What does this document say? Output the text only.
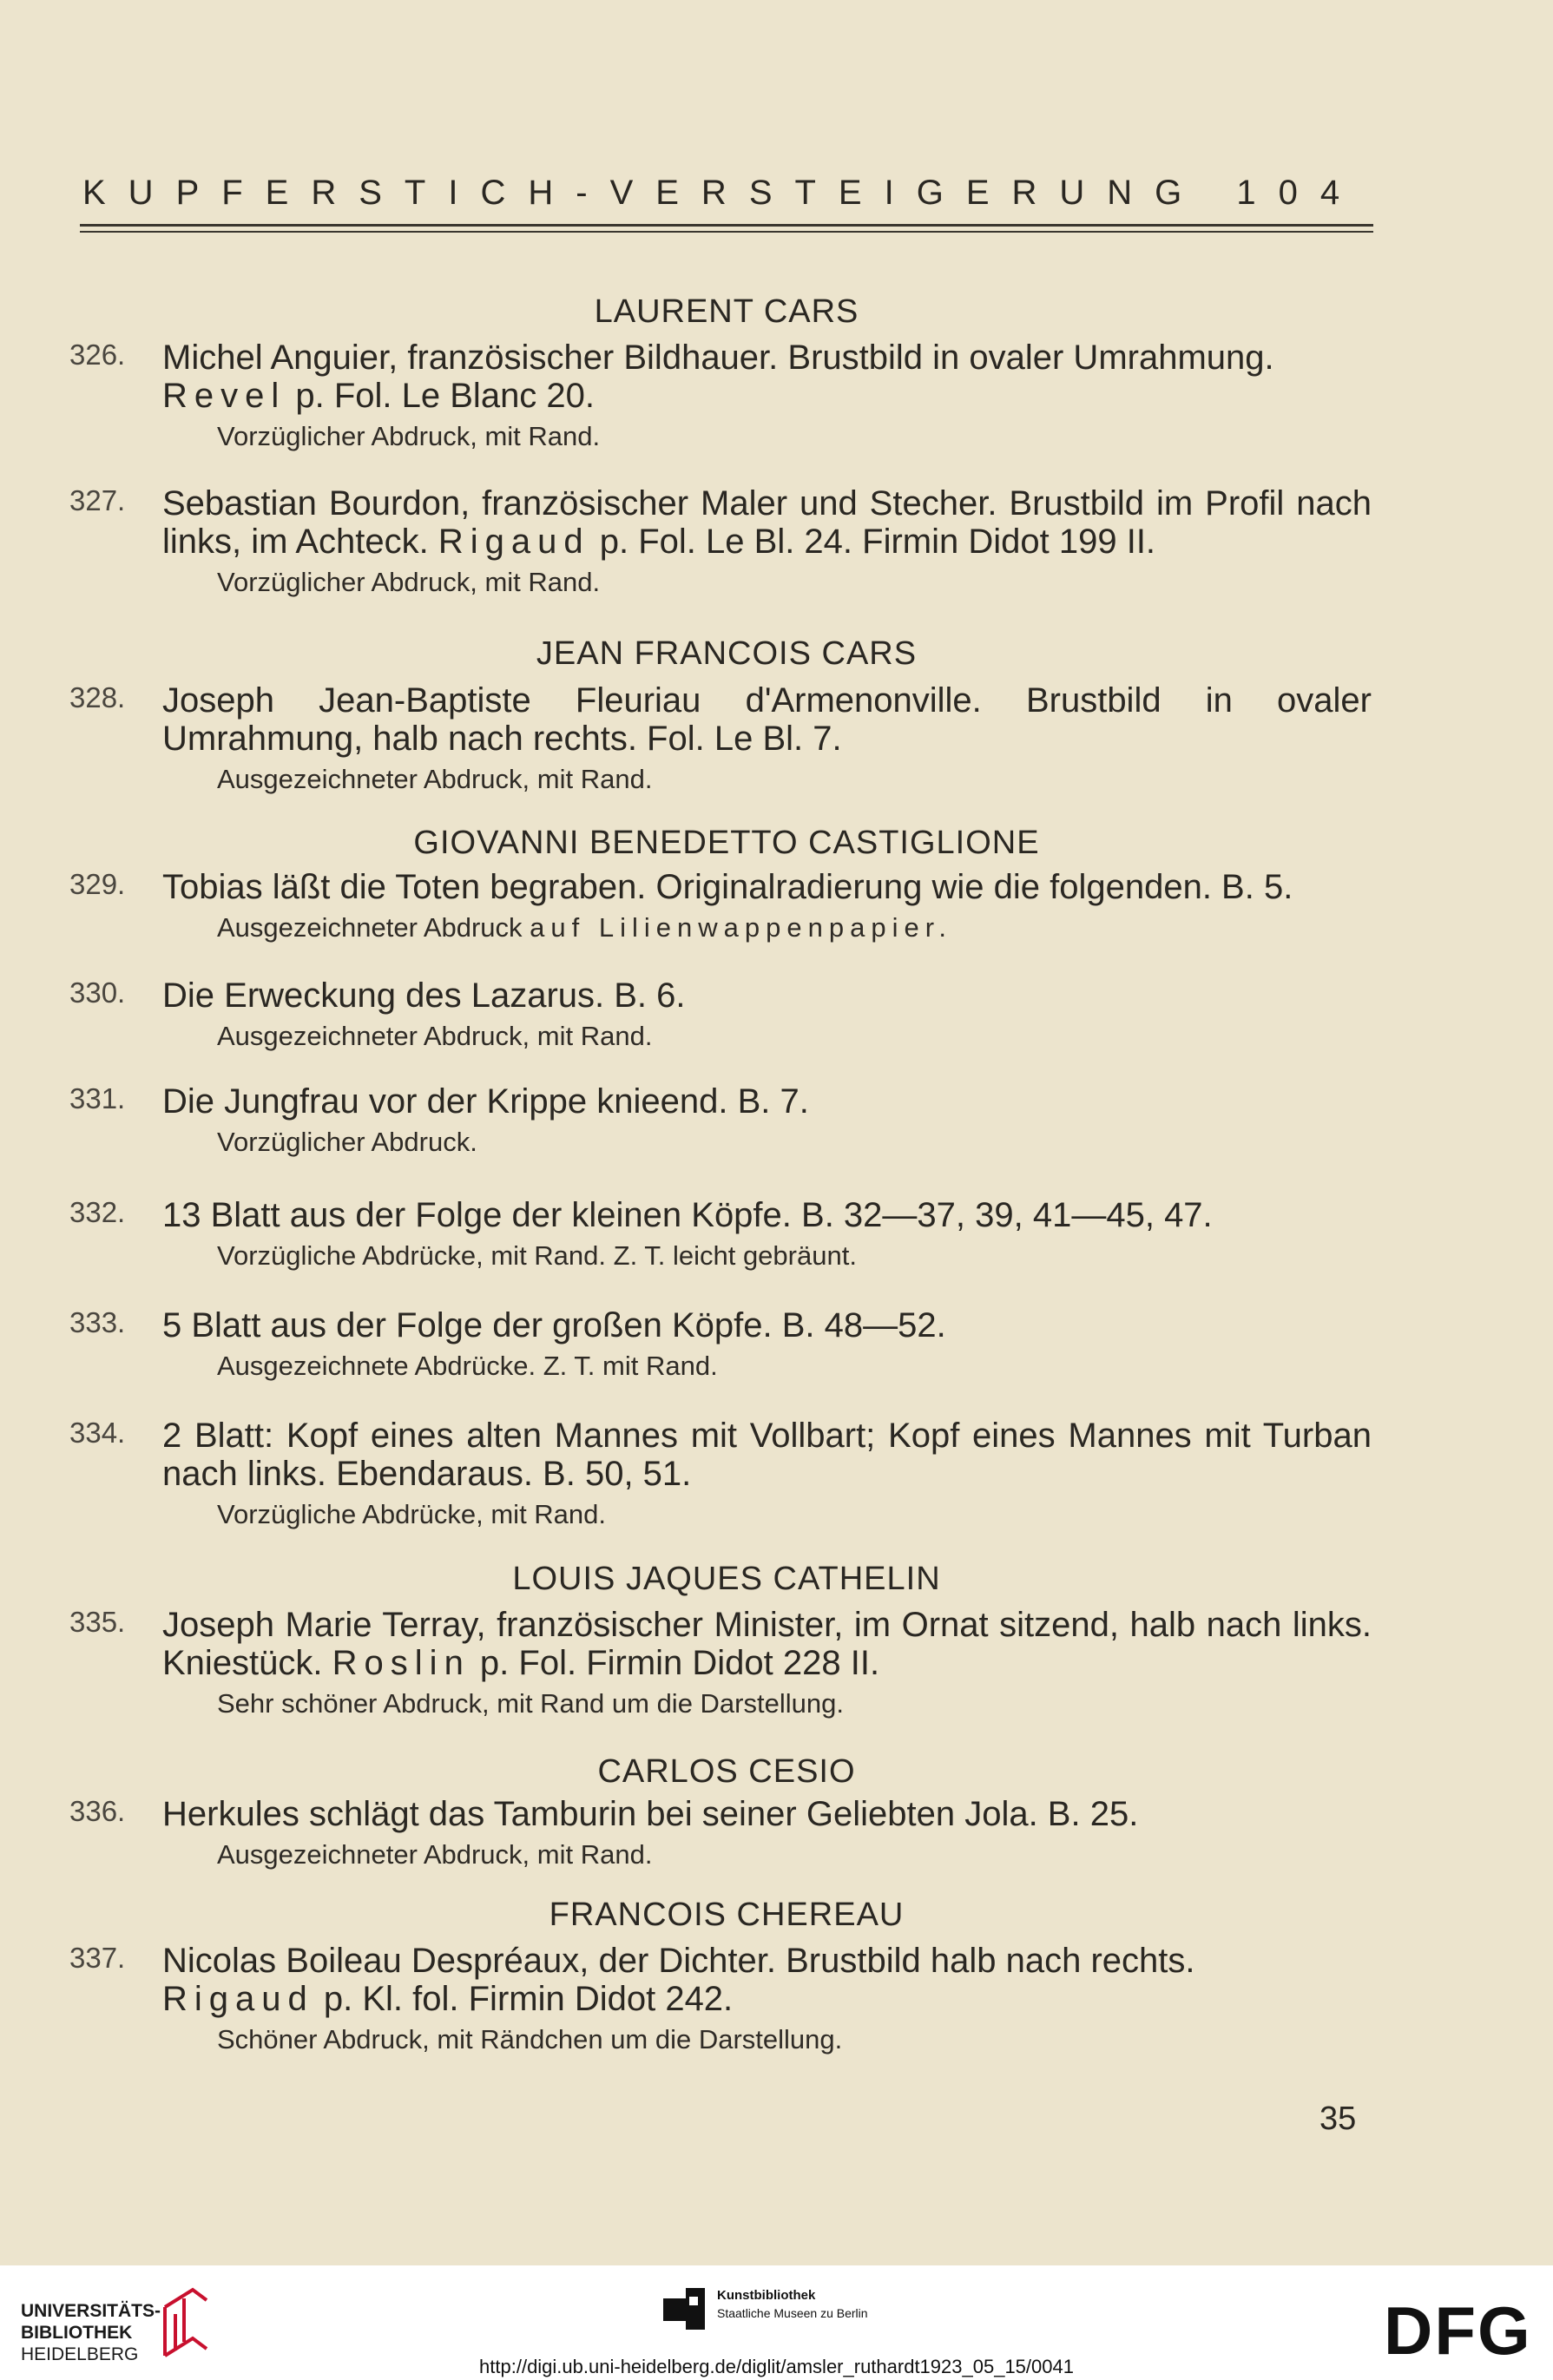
KUPFERSTICH-VERSTEIGERUNG 104
LAURENT CARS
326. Michel Anguier, französischer Bildhauer. Brustbild in ovaler Umrahmung.
Revel p. Fol. Le Blanc 20.
Vorzüglicher Abdruck, mit Rand.
327. Sebastian Bourdon, französischer Maler und Stecher. Brustbild im Profil nach links, im Achteck. Rigaud p. Fol. Le Bl. 24. Firmin Didot 199 II.
Vorzüglicher Abdruck, mit Rand.
JEAN FRANCOIS CARS
328. Joseph Jean-Baptiste Fleuriau d'Armenonville. Brustbild in ovaler Umrahmung, halb nach rechts. Fol. Le Bl. 7.
Ausgezeichneter Abdruck, mit Rand.
GIOVANNI BENEDETTO CASTIGLIONE
329. Tobias läßt die Toten begraben. Originalradierung wie die folgenden. B. 5.
Ausgezeichneter Abdruck auf Lilienwappenpapier.
330. Die Erweckung des Lazarus. B. 6.
Ausgezeichneter Abdruck, mit Rand.
331. Die Jungfrau vor der Krippe knieend. B. 7.
Vorzüglicher Abdruck.
332. 13 Blatt aus der Folge der kleinen Köpfe. B. 32—37, 39, 41—45, 47.
Vorzügliche Abdrücke, mit Rand. Z. T. leicht gebräunt.
333. 5 Blatt aus der Folge der großen Köpfe. B. 48—52.
Ausgezeichnete Abdrücke. Z. T. mit Rand.
334. 2 Blatt: Kopf eines alten Mannes mit Vollbart; Kopf eines Mannes mit Turban nach links. Ebendaraus. B. 50, 51.
Vorzügliche Abdrücke, mit Rand.
LOUIS JAQUES CATHELIN
335. Joseph Marie Terray, französischer Minister, im Ornat sitzend, halb nach links. Kniestück. Roslin p. Fol. Firmin Didot 228 II.
Sehr schöner Abdruck, mit Rand um die Darstellung.
CARLOS CESIO
336. Herkules schlägt das Tamburin bei seiner Geliebten Jola. B. 25.
Ausgezeichneter Abdruck, mit Rand.
FRANCOIS CHEREAU
337. Nicolas Boileau Despréaux, der Dichter. Brustbild halb nach rechts.
Rigaud p. Kl. fol. Firmin Didot 242.
Schöner Abdruck, mit Rändchen um die Darstellung.
35
UNIVERSITÄTS-
BIBLIOTHEK
HEIDELBERG
Kunstbibliothek
Staatliche Museen zu Berlin	DFG
http://digi.ub.uni-heidelberg.de/diglit/amsler_ruthardt1923_05_15/0041
